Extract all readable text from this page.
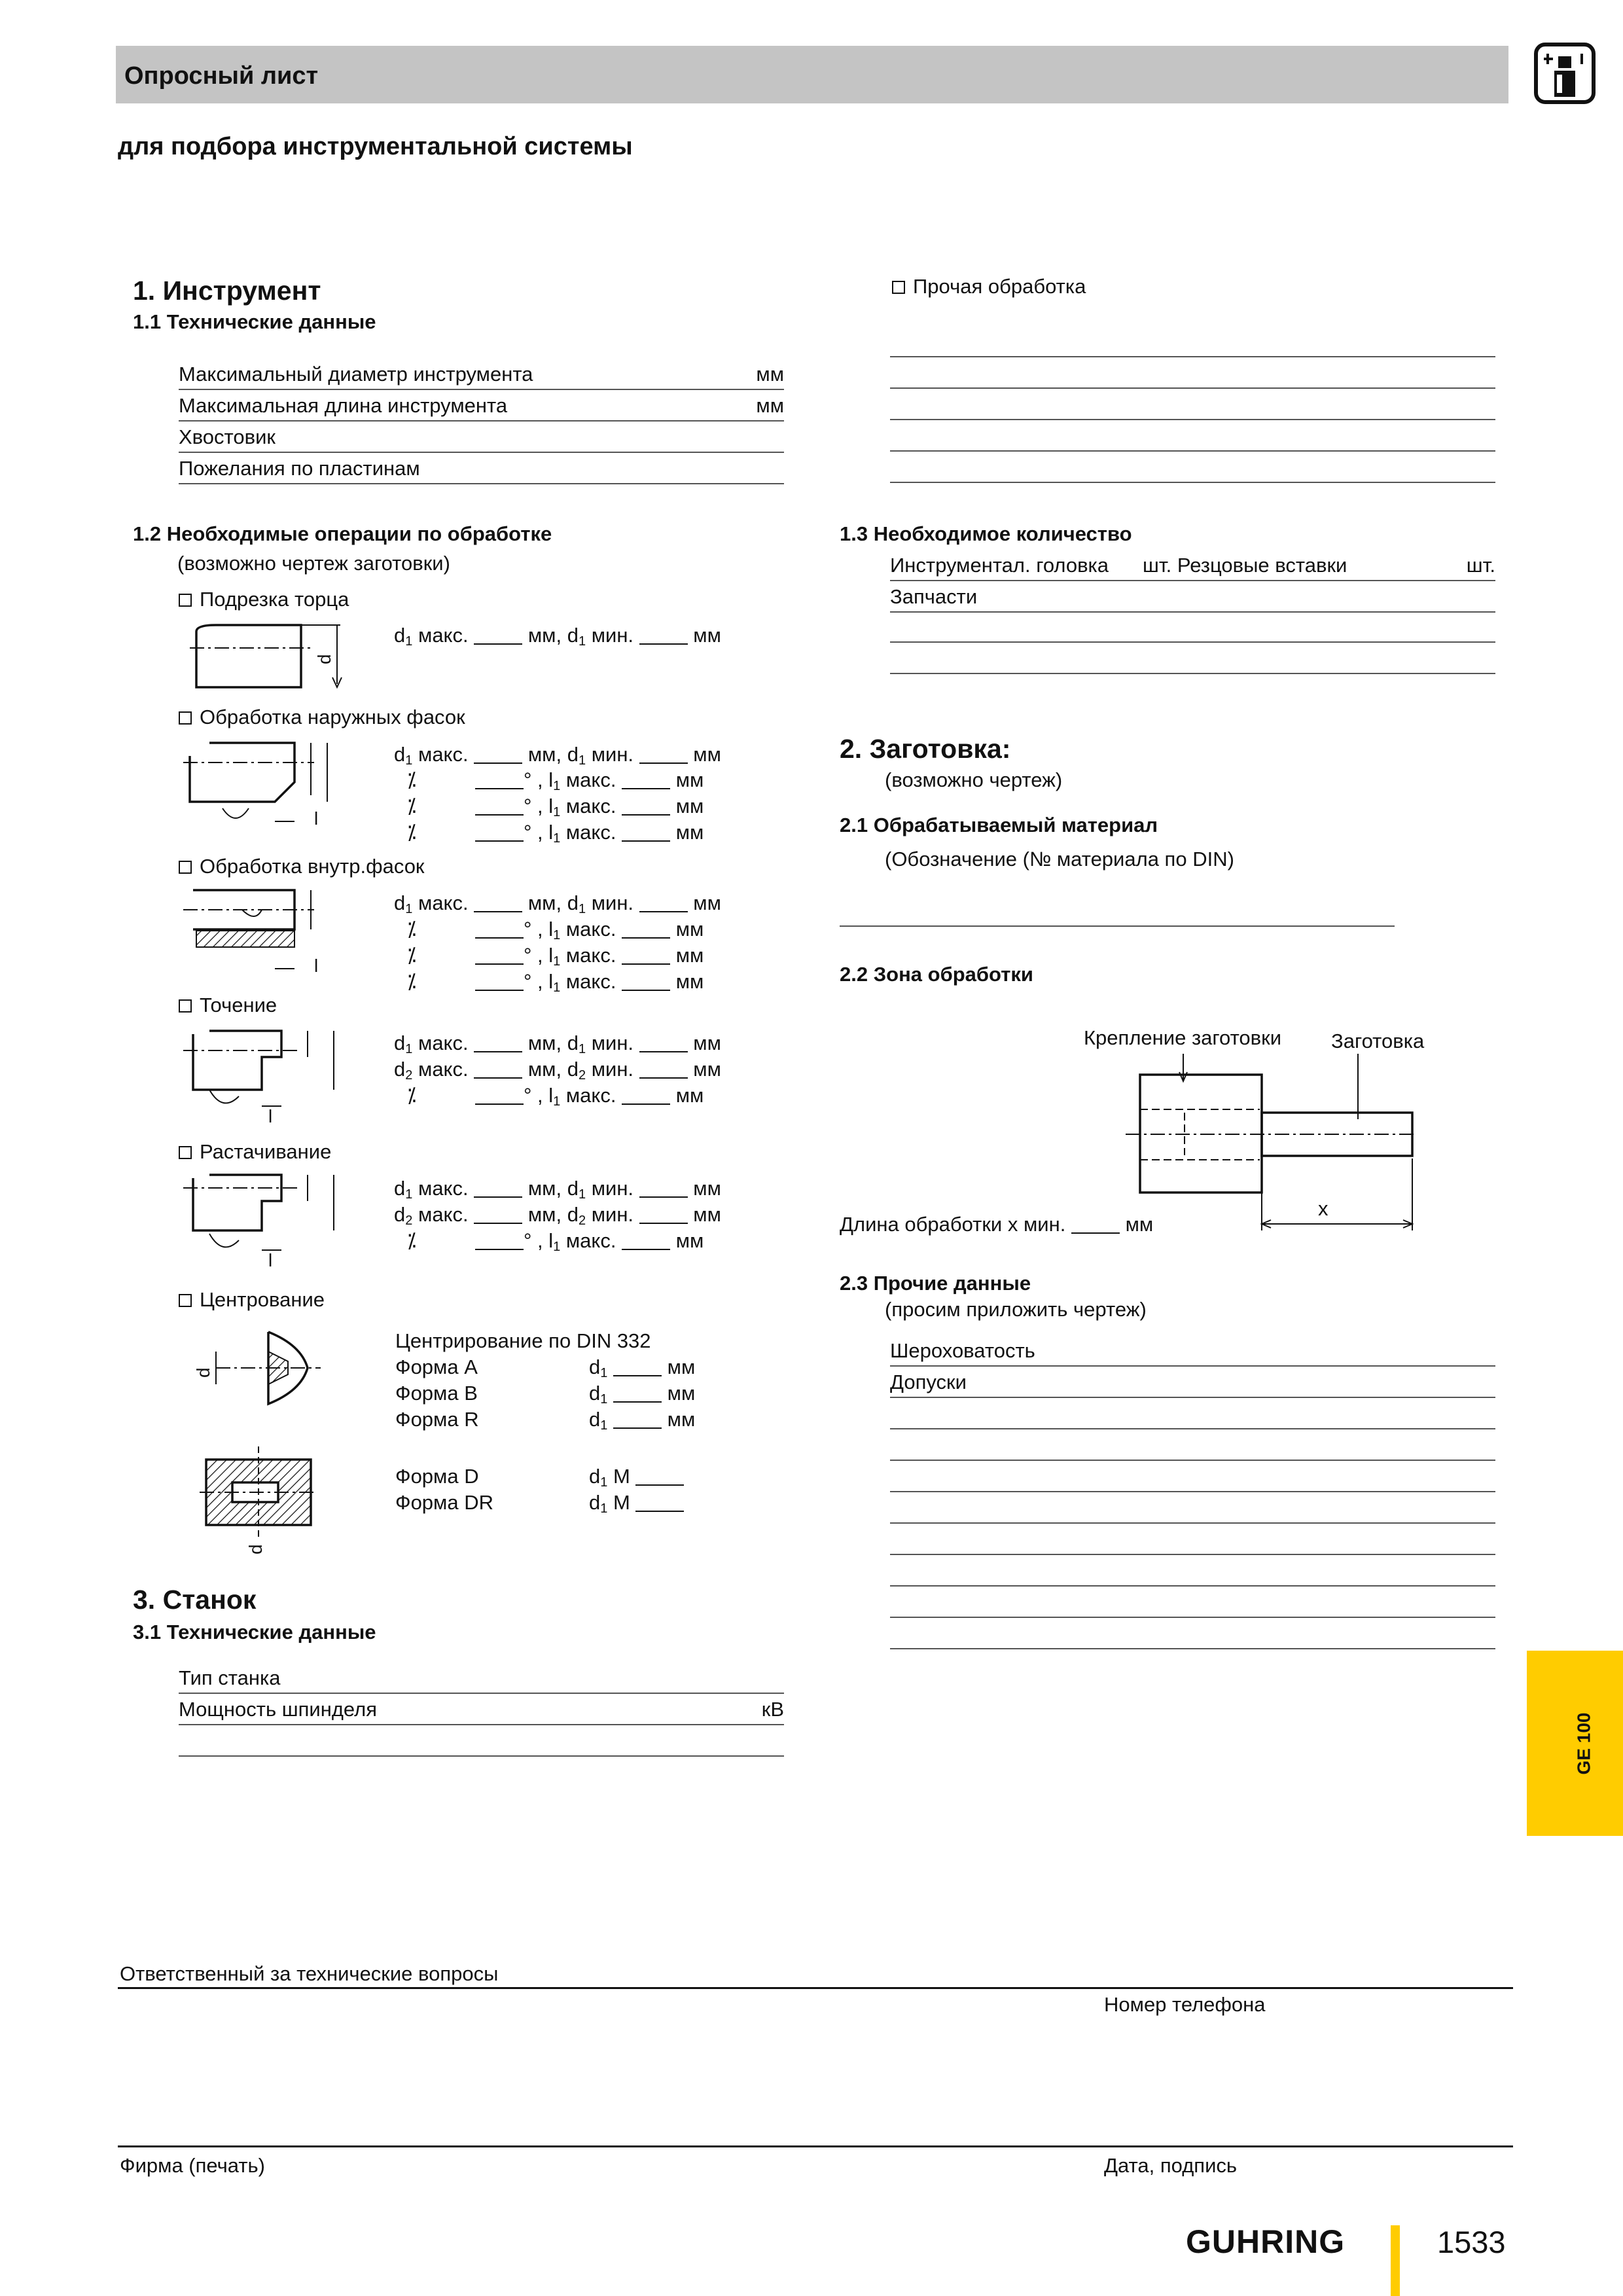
Опросный лист
для подбора инструментальной системы
1. Инструмент
1.1 Технические данные
Максимальный диаметр инструмента	мм
Максимальная длина инструмента	мм
Хвостовик
Пожелания по пластинам
1.2 Необходимые операции по обработке
(возможно чертеж заготовки)
Подрезка торца
d
$d_1$ макс.	мм, $d_1$ мин.	мм
Обработка наружных фасок
l
$d_1$ макс.	мм, $d_1$ мин.	мм
⁒	° , $l_1$ макс.	мм
⁒	° , $l_1$ макс.	мм
⁒	° , $l_1$ макс.	мм
Обработка внутр.фасок
l
$d_1$ макс.	мм, $d_1$ мин.	мм
⁒	° , $l_1$ макс.	мм
⁒	° , $l_1$ макс.	мм
⁒	° , $l_1$ макс.	мм
Точение
l
$d_1$ макс.	мм, $d_1$ мин.	мм
$d_2$ макс.	мм, $d_2$ мин.	мм
⁒	° , $l_1$ макс.	мм
Растачивание
l
$d_1$ макс.	мм, $d_1$ мин.	мм
$d_2$ макс.	мм, $d_2$ мин.	мм
⁒	° , $l_1$ макс.	мм
Центрование
d
Центрирование по DIN 332
Форма A	$d_1$	мм
Форма B	$d_1$	мм
Форма R	$d_1$	мм
d
Форма D	$d_1$ M
Форма DR	$d_1$ M
3. Станок
3.1 Технические данные
Тип станка
Мощность шпинделя	кВ
Прочая обработка
1.3 Необходимое количество
Инструментал. головка шт. Резцовые вставки	шт.
Запчасти
2. Заготовка:
(возможно чертеж)
2.1 Обрабатываемый материал
(Обозначение (№ материала по DIN)
2.2 Зона обработки
Крепление заготовки Заготовка
x
Длина обработки x мин.  мм
2.3 Прочие данные
(просим приложить чертеж)
Шероховатость
Допуски
GE 100
Ответственный за технические вопросы
Номер телефона
Фирма (печать)	Дата, подпись
GUHRING	1533
